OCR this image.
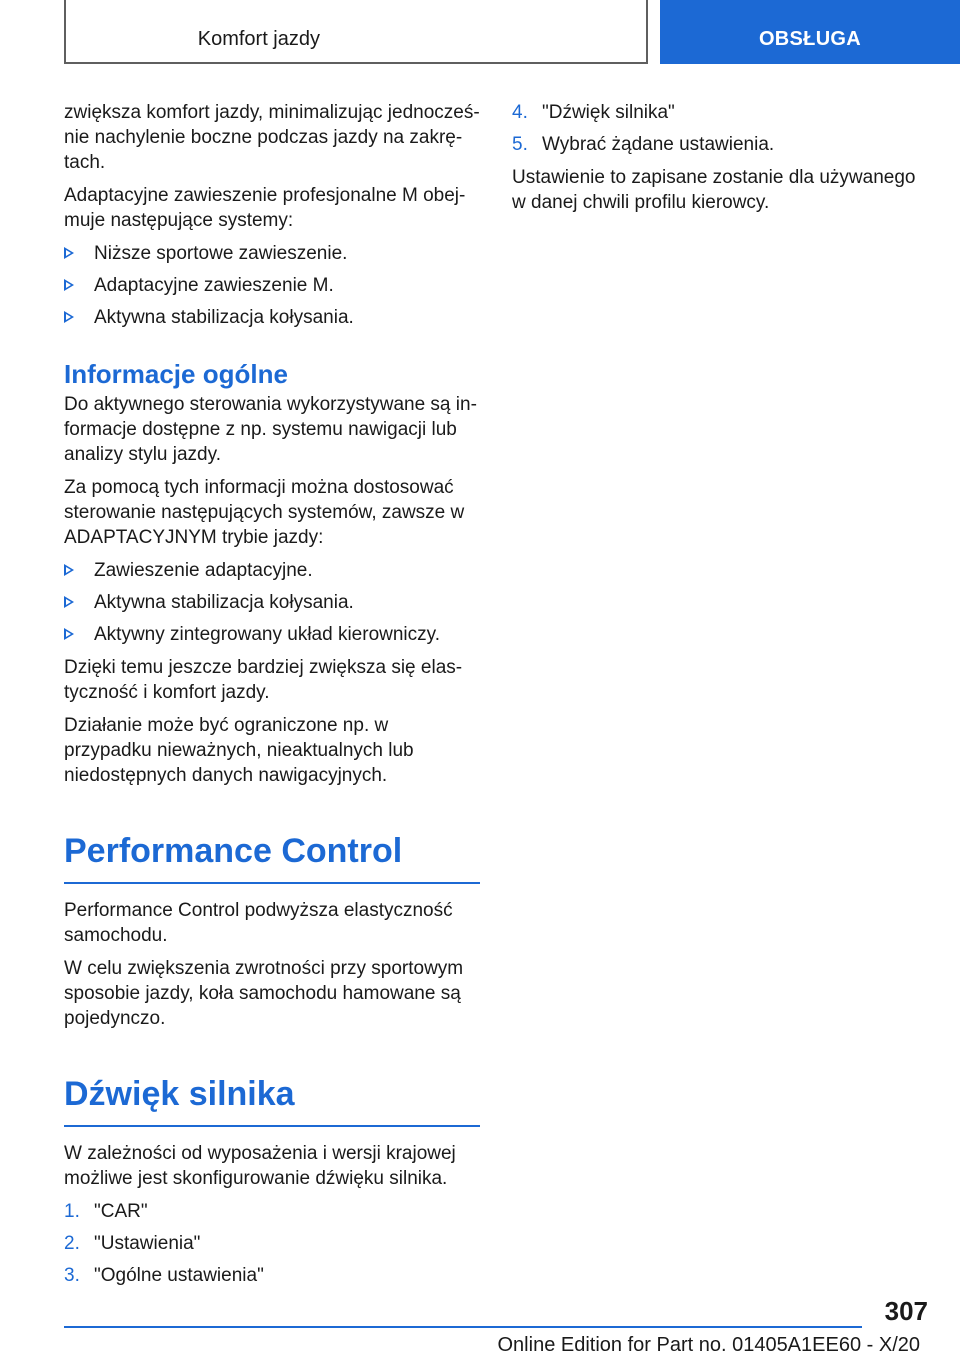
Komfort jazdy	OBSŁUGA

zwiększa komfort jazdy, minimalizując jednocześ- nie nachylenie boczne podczas jazdy na zakrę- tach.

Adaptacyjne zawieszenie profesjonalne M obej- muje następujące systemy:

Niższe sportowe zawieszenie.
Adaptacyjne zawieszenie M.
Aktywna stabilizacja kołysania.
Informacje ogólne

Do aktywnego sterowania wykorzystywane są in- formacje dostępne z np. systemu nawigacji lub analizy stylu jazdy.

Za pomocą tych informacji można dostosować sterowanie następujących systemów, zawsze w ADAPTACYJNYM trybie jazdy:

Zawieszenie adaptacyjne.
Aktywna stabilizacja kołysania.
Aktywny zintegrowany układ kierowniczy.

Dzięki temu jeszcze bardziej zwiększa się elas- tyczność i komfort jazdy.

Działanie może być ograniczone np. w przypadku nieważnych, nieaktualnych lub niedostępnych danych nawigacyjnych.

Performance Control

Performance Control podwyższa elastyczność samochodu.

W celu zwiększenia zwrotności przy sportowym sposobie jazdy, koła samochodu hamowane są pojedynczo.

Dźwięk silnika

W zależności od wyposażenia i wersji krajowej możliwe jest skonfigurowanie dźwięku silnika.

1. "CAR"
2. "Ustawienia"
3. "Ogólne ustawienia"
4. "Dźwięk silnika"
5. Wybrać żądane ustawienia.

Ustawienie to zapisane zostanie dla używanego w danej chwili profilu kierowcy.

307
Online Edition for Part no. 01405A1EE60 - X/20
